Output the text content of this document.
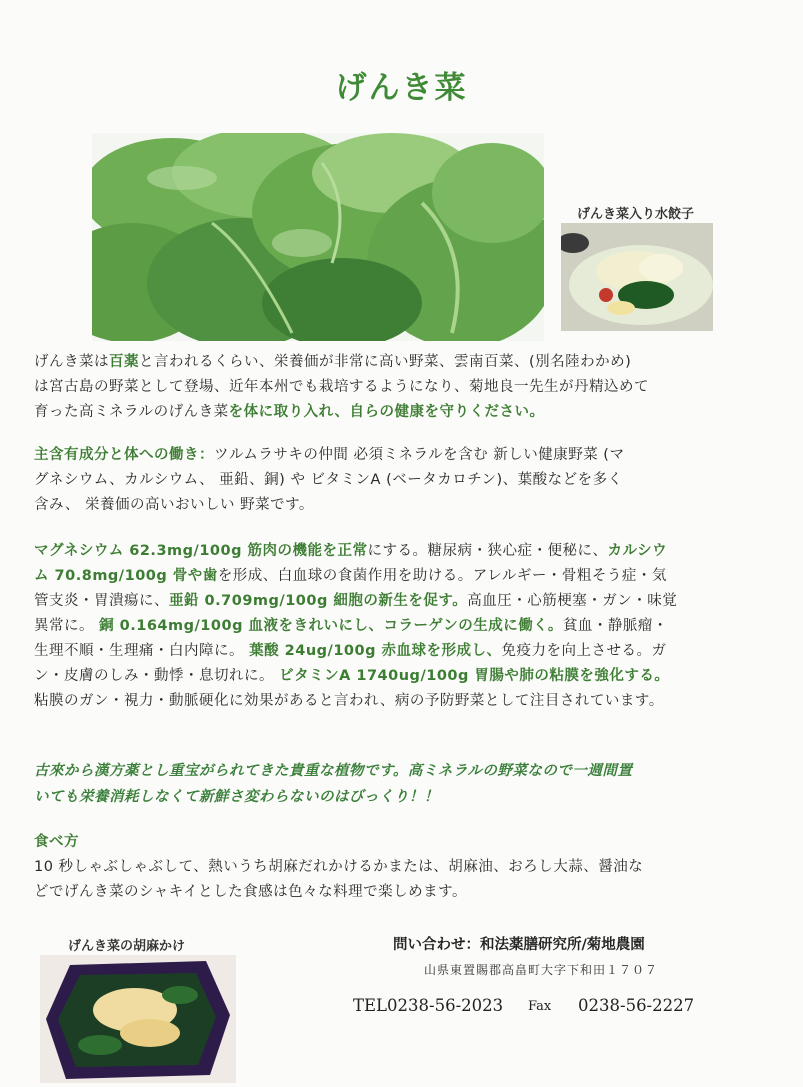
げんき菜
げんき菜入り水餃子
げんき菜は百薬と言われるくらい、栄養価が非常に高い野菜、雲南百菜、(別名陸わかめ)
は宮古島の野菜として登場、近年本州でも栽培するようになり、菊地良一先生が丹精込めて
育った高ミネラルのげんき菜を体に取り入れ、自らの健康を守りください。
主含有成分と体への働き：ツルムラサキの仲間 必須ミネラルを含む 新しい健康野菜 (マ
グネシウム、カルシウム、 亜鉛、銅) や ビタミンA (ベータカロチン)、葉酸などを多く
含み、 栄養価の高いおいしい 野菜です。
マグネシウム 62.3mg/100g 筋肉の機能を正常にする。糖尿病・狭心症・便秘に、カルシウ
ム 70.8mg/100g 骨や歯を形成、白血球の食菌作用を助ける。アレルギー・骨粗そう症・気
管支炎・胃潰瘍に、亜鉛 0.709mg/100g 細胞の新生を促す。高血圧・心筋梗塞・ガン・味覚
異常に。 銅 0.164mg/100g 血液をきれいにし、コラーゲンの生成に働く。貧血・静脈瘤・
生理不順・生理痛・白内障に。 葉酸 24ug/100g 赤血球を形成し、免疫力を向上させる。ガ
ン・皮膚のしみ・動悸・息切れに。 ビタミンA 1740ug/100g 胃腸や肺の粘膜を強化する。
粘膜のガン・視力・動脈硬化に効果があると言われ、病の予防野菜として注目されています。
古來から漢方薬とし重宝がられてきた貴重な植物です。高ミネラルの野菜なので一週間置
いても栄養消耗しなくて新鮮さ変わらないのはびっくり！！
食べ方
10 秒しゃぶしゃぶして、熱いうち胡麻だれかけるかまたは、胡麻油、おろし大蒜、醤油な
どでげんき菜のシャキイとした食感は色々な料理で楽しめます。
げんき菜の胡麻かけ	問い合わせ：和法薬膳研究所/菊地農園
山県東置賜郡高畠町大字下和田１７０７
TEL0238-56-2023 Fax 0238-56-2227
